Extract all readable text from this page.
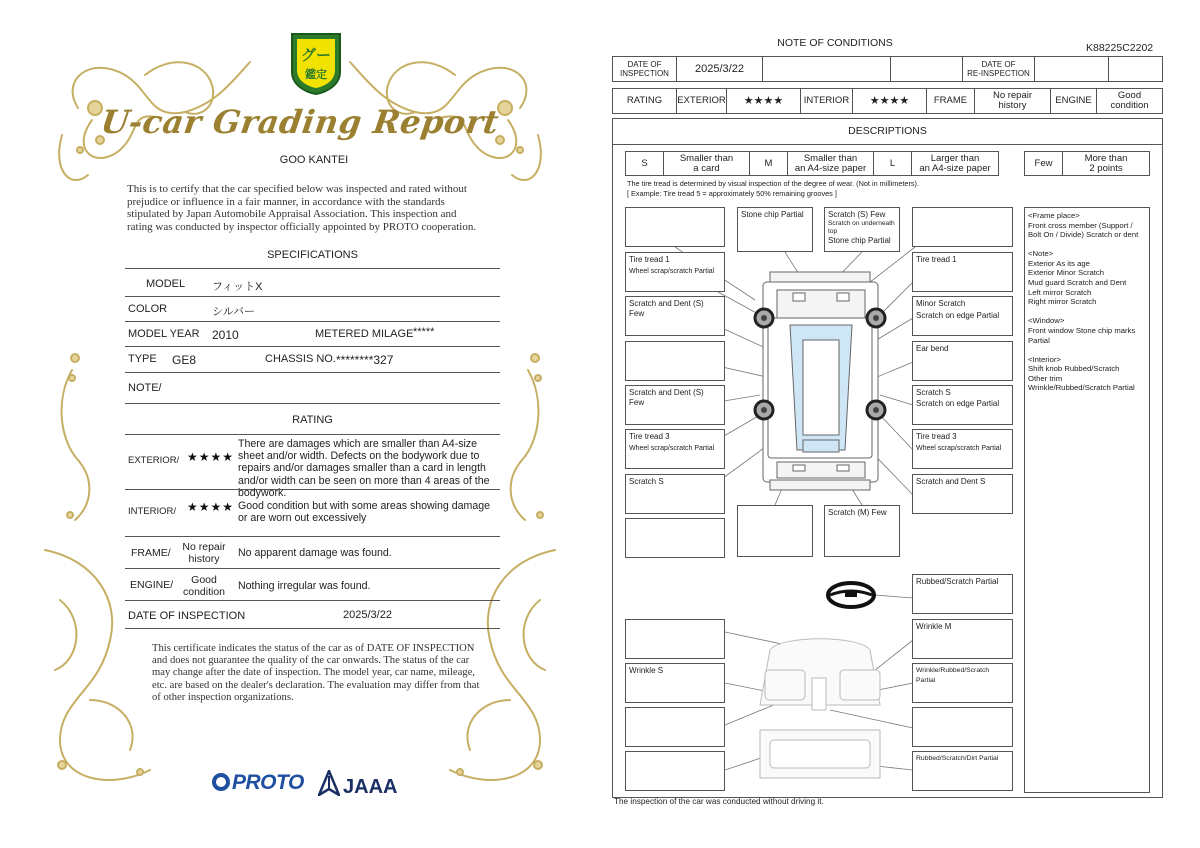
グー
鑑定
U-car Grading Report
GOO KANTEI
This is to certify that the car specified below was inspected and rated without prejudice or influence in a fair manner, in accordance with the standards stipulated by Japan Automobile Appraisal Association. This inspection and rating was conducted by inspector officially appointed by PROTO cooperation.
SPECIFICATIONS
MODEL フィットX
COLOR	シルバー
MODEL YEAR 2010	METERED MILAGE *****
TYPE GE8	CHASSIS NO. ********327
NOTE/
RATING
EXTERIOR/ ★★★★
There are damages which are smaller than A4-size sheet and/or width. Defects on the bodywork due to repairs and/or damages smaller than a card in length and/or width can be seen on more than 4 areas of the bodywork.
INTERIOR/ ★★★★ Good condition but with some areas showing damage or are worn out excessively
FRAME/	No repair
history	No apparent damage was found.
ENGINE/	Good
condition	Nothing irregular was found.
DATE OF INSPECTION	2025/3/22
This certificate indicates the status of the car as of DATE OF INSPECTION and does not guarantee the quality of the car onwards. The status of the car may change after the date of inspection. The model year, car name, mileage, etc. are based on the dealer's declaration. The evaluation may differ from that of other inspection organizations.
PROTO	JAAA
NOTE OF CONDITIONS	K88225C2202
DATE OF
INSPECTION	2025/3/22	DATE OF
RE-INSPECTION
RATING	EXTERIOR	★★★★	INTERIOR	★★★★	FRAME	No repair
history	ENGINE	Good
condition
DESCRIPTIONS
S	Smaller than
a card	M	Smaller than
an A4-size paper	L	Larger than
an A4-size paper	Few	More than
2 points
The tire tread is determined by visual inspection of the degree of wear. (Not in millimeters).
[ Example: Tire tread 5 = approximately 50% remaining grooves ]
Tire tread 1

Wheel scrap/scratch Partial
Scratch and Dent (S) Few
Scratch and Dent (S) Few
Tire tread 3

Wheel scrap/scratch Partial
Scratch S
Stone chip Partial	Scratch (S) Few
Scratch on underneath top
Stone chip Partial
Scratch (M) Few
Tire tread 1
Minor Scratch

Scratch on edge Partial
Ear bend
Scratch S

Scratch on edge Partial
Tire tread 3

Wheel scrap/scratch Partial
Scratch and Dent S
Rubbed/Scratch Partial
Wrinkle M
Wrinkle S	Wrinkle/Rubbed/Scratch Partial
Rubbed/Scratch/Dirt Partial
<Frame place>
Front cross member (Support / Bolt On / Divide) Scratch or dent
<Note>
Exterior As its age
Exterior Minor Scratch
Mud guard Scratch and Dent
Left mirror Scratch
Right mirror Scratch
<Window>
Front window Stone chip marks Partial
<Interior>
Shift knob Rubbed/Scratch
Other trim
Wrinkle/Rubbed/Scratch Partial
The inspection of the car was conducted without driving it.
